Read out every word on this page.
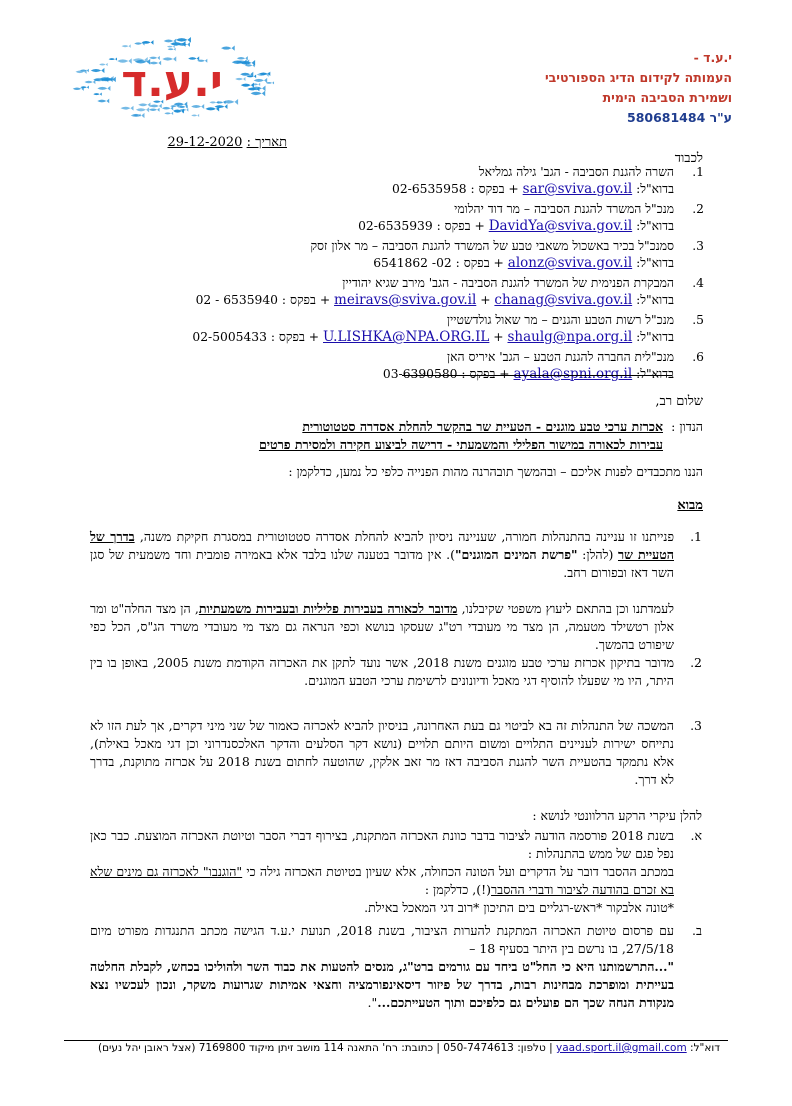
י.ע.ד	י.ע.ד -
העמותה לקידום הדיג הספורטיבי
ושמירת הסביבה הימית
ע"ר 580681484
תאריך : 29-12-2020
לכבוד
1.
השרה להגנת הסביבה - הגב' גילה גמליאל
בדוא"ל: sar@sviva.gov.il + בפקס : 02-6535958
2.
מנכ"ל המשרד להגנת הסביבה – מר דוד יהלומי
בדוא"ל: DavidYa@sviva.gov.il + בפקס : 02-6535939
3.
סמנכ"ל בכיר באשכול משאבי טבע של המשרד להגנת הסביבה – מר אלון זסק
בדוא"ל: alonz@sviva.gov.il + בפקס : 02- 6541862
4.
המבקרת הפנימית של המשרד להגנת הסביבה - הגב' מירב שגיא יהודיין
בדוא"ל: meiravs@sviva.gov.il + chanag@sviva.gov.il + בפקס : 6535940 - 02
5.
מנכ"ל רשות הטבע והגנים – מר שאול גולדשטיין
בדוא"ל: U.LISHKA@NPA.ORG.IL + shaulg@npa.org.il + בפקס : 02-5005433
6.
מנכ"לית החברה להגנת הטבע – הגב' איריס האן
בדוא"ל: ayala@spni.org.il + בפקס : 03-6390580
שלום רב,
הנדון :אכרזת ערכי טבע מוגנים - הטעיית שר בהקשר להחלת אסדרה סטטוטורית
עבירות לכאורה במישור הפלילי והמשמעתי - דרישה לביצוע חקירה ולמסירת פרטים
הננו מתכבדים לפנות אליכם – ובהמשך תובהרנה מהות הפנייה כלפי כל נמען, כדלקמן :
מבוא
1.
פנייתנו זו עניינה בהתנהלות חמורה, שעניינה ניסיון להביא להחלת אסדרה סטטוטורית במסגרת חקיקת משנה, בדרך של הטעיית שר (להלן: "פרשת המינים המוגנים"). אין מדובר בטענה שלנו בלבד אלא באמירה פומבית וחד משמעית של סגן השר דאז ובפורום רחב.
לעמדתנו וכן בהתאם ליעוץ משפטי שקיבלנו, מדובר לכאורה בעבירות פליליות ובעבירות משמעתיות, הן מצד החלה"ט ומר אלון רטשילד מטעמה, הן מצד מי מעובדי רט"ג שעסקו בנושא וכפי הנראה גם מצד מי מעובדי משרד הג"ס, הכל כפי שיפורט בהמשך.
2.
מדובר בתיקון אכרזת ערכי טבע מוגנים משנת 2018, אשר נועד לתקן את האכרזה הקודמת משנת 2005, באופן בו בין היתר, היו מי שפעלו להוסיף דגי מאכל ודיונונים לרשימת ערכי הטבע המוגנים.
3.
המשכה של התנהלות זה בא לביטוי גם בעת האחרונה, בניסיון להביא לאכרזה כאמור של שני מיני דקרים, אך לעת הזו לא נתייחס ישירות לעניינים התלויים ומשום היותם תלויים (נושא דקר הסלעים והדקר האלכסנדרוני וכן דגי מאכל באילת), אלא נתמקד בהטעיית השר להגנת הסביבה דאז מר זאב אלקין, שהוטעה לחתום בשנת 2018 על אכרזה מתוקנת, בדרך לא דרך.
להלן עיקרי הרקע הרלוונטי לנושא :
א.
בשנת 2018 פורסמה הודעה לציבור בדבר כוונת האכרזה המתקנת, בצירוף דברי הסבר וטיוטת האכרזה המוצעת. כבר כאן נפל פגם של ממש בהתנהלות :
במכתב ההסבר דובר על הדקרים ועל הטונה הכחולה, אלא שעיון בטיוטת האכרזה גילה כי "הוגנבו" לאכרזה גם מינים שלא בא זכרם בהודעה לציבור ודברי ההסבר(!), כדלקמן :
*טונה אלבקור *ראש-רגליים בים התיכון *רוב דגי המאכל באילת.
ב.
עם פרסום טיוטת האכרזה המתקנת להערות הציבור, בשנת 2018, תנועת י.ע.ד הגישה מכתב התנגדות מפורט מיום 27/5/18, בו נרשם בין היתר בסעיף 18 –
"...התרשמותנו היא כי החל"ט ביחד עם גורמים ברט"ג, מנסים להטעות את כבוד השר ולהוליכו בכחש, לקבלת החלטה בעייתית ומופרכת מבחינות רבות, בדרך של פיזור דיסאינפורמציה וחצאי אמיתות שגרועות משקר, ונכון לעכשיו נצא מנקודת הנחה שכך הם פועלים גם כלפיכם ותוך הטעייתכם...".
דוא"ל: yaad.sport.il@gmail.com | טלפון: 050-7474613 | כתובת: רח' התאנה 114 מושב זיתן מיקוד 7169800 (אצל ראובן יהל נעים)
